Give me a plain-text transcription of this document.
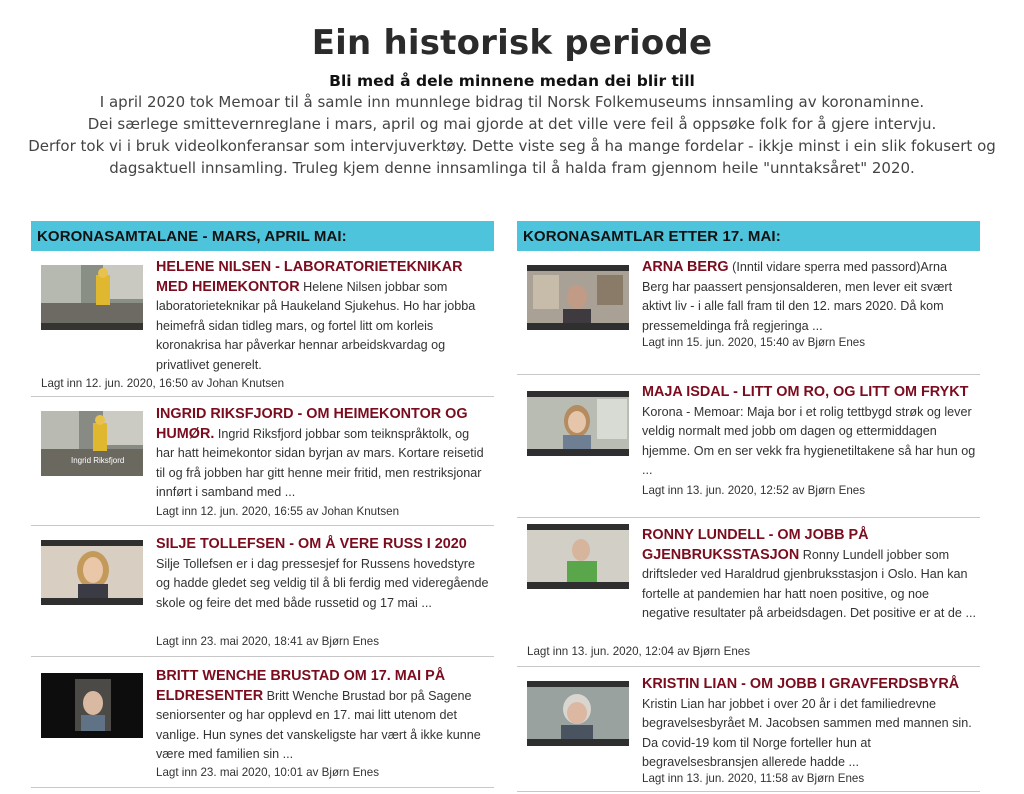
Ein historisk periode
Bli med å dele minnene medan dei blir till

I april 2020 tok Memoar til å samle inn munnlege bidrag til Norsk Folkemuseums innsamling av koronaminne.

Dei særlege smittevernreglane i mars, april og mai gjorde at det ville vere feil å oppsøke folk for å gjere intervju.

Derfor tok vi i bruk videolkonferansar som intervjuverktøy. Dette viste seg å ha mange fordelar - ikkje minst i ein slik fokusert og

dagsaktuell innsamling. Truleg kjem denne innsamlinga til å halda fram gjennom heile "unntaksåret" 2020.

KORONASAMTALANE - MARS, APRIL MAI:
HELENE NILSEN - LABORATORIETEKNIKAR MED HEIMEKONTOR Helene Nilsen jobbar som laboratorieteknikar på Haukeland Sjukehus. Ho har jobba heimefrå sidan tidleg mars, og fortel litt om korleis koronakrisa har påverkar hennar arbeidskvardag og privatlivet generelt.
Lagt inn 12. jun. 2020, 16:50 av Johan Knutsen
Ingrid Riksfjord
INGRID RIKSFJORD - OM HEIMEKONTOR OG HUMØR. Ingrid Riksfjord jobbar som teiknspråktolk, og har hatt heimekontor sidan byrjan av mars. Kortare reisetid til og frå jobben har gitt henne meir fritid, men restriksjonar innført i samband med ...
Lagt inn 12. jun. 2020, 16:55 av Johan Knutsen
SILJE TOLLEFSEN - OM Å VERE RUSS I 2020
Silje Tollefsen er i dag pressesjef for Russens hovedstyre og hadde gledet seg veldig til å bli ferdig med videregående skole og feire det med både russetid og 17 mai ...
Lagt inn 23. mai 2020, 18:41 av Bjørn Enes
BRITT WENCHE BRUSTAD OM 17. MAI PÅ ELDRESENTER Britt Wenche Brustad bor på Sagene seniorsenter og har opplevd en 17. mai litt utenom det vanlige. Hun synes det vanskeligste har vært å ikke kunne være med familien sin ...
Lagt inn 23. mai 2020, 10:01 av Bjørn Enes
KORONASAMTLAR ETTER 17. MAI:
ARNA BERG (Inntil vidare sperra med passord)Arna Berg har paassert pensjonsalderen, men lever eit svært aktivt liv - i alle fall fram til den 12. mars 2020. Då kom pressemeldinga frå regjeringa ...
Lagt inn 15. jun. 2020, 15:40 av Bjørn Enes
MAJA ISDAL - LITT OM RO, OG LITT OM FRYKT Korona - Memoar: Maja bor i et rolig tettbygd strøk og lever veldig normalt med jobb om dagen og ettermiddagen hjemme. Om en ser vekk fra hygienetiltakene så har hun og ...
Lagt inn 13. jun. 2020, 12:52 av Bjørn Enes
RONNY LUNDELL - OM JOBB PÅ GJENBRUKSSTASJON Ronny Lundell jobber som driftsleder ved Haraldrud gjenbruksstasjon i Oslo. Han kan fortelle at pandemien har hatt noen positive, og noe negative resultater på arbeidsdagen. Det positive er at de ...
Lagt inn 13. jun. 2020, 12:04 av Bjørn Enes
KRISTIN LIAN - OM JOBB I GRAVFERDSBYRÅ
Kristin Lian har jobbet i over 20 år i det familiedrevne begravelsesbyrået M. Jacobsen sammen med mannen sin. Da covid-19 kom til Norge forteller hun at begravelsesbransjen allerede hadde ...
Lagt inn 13. jun. 2020, 11:58 av Bjørn Enes
